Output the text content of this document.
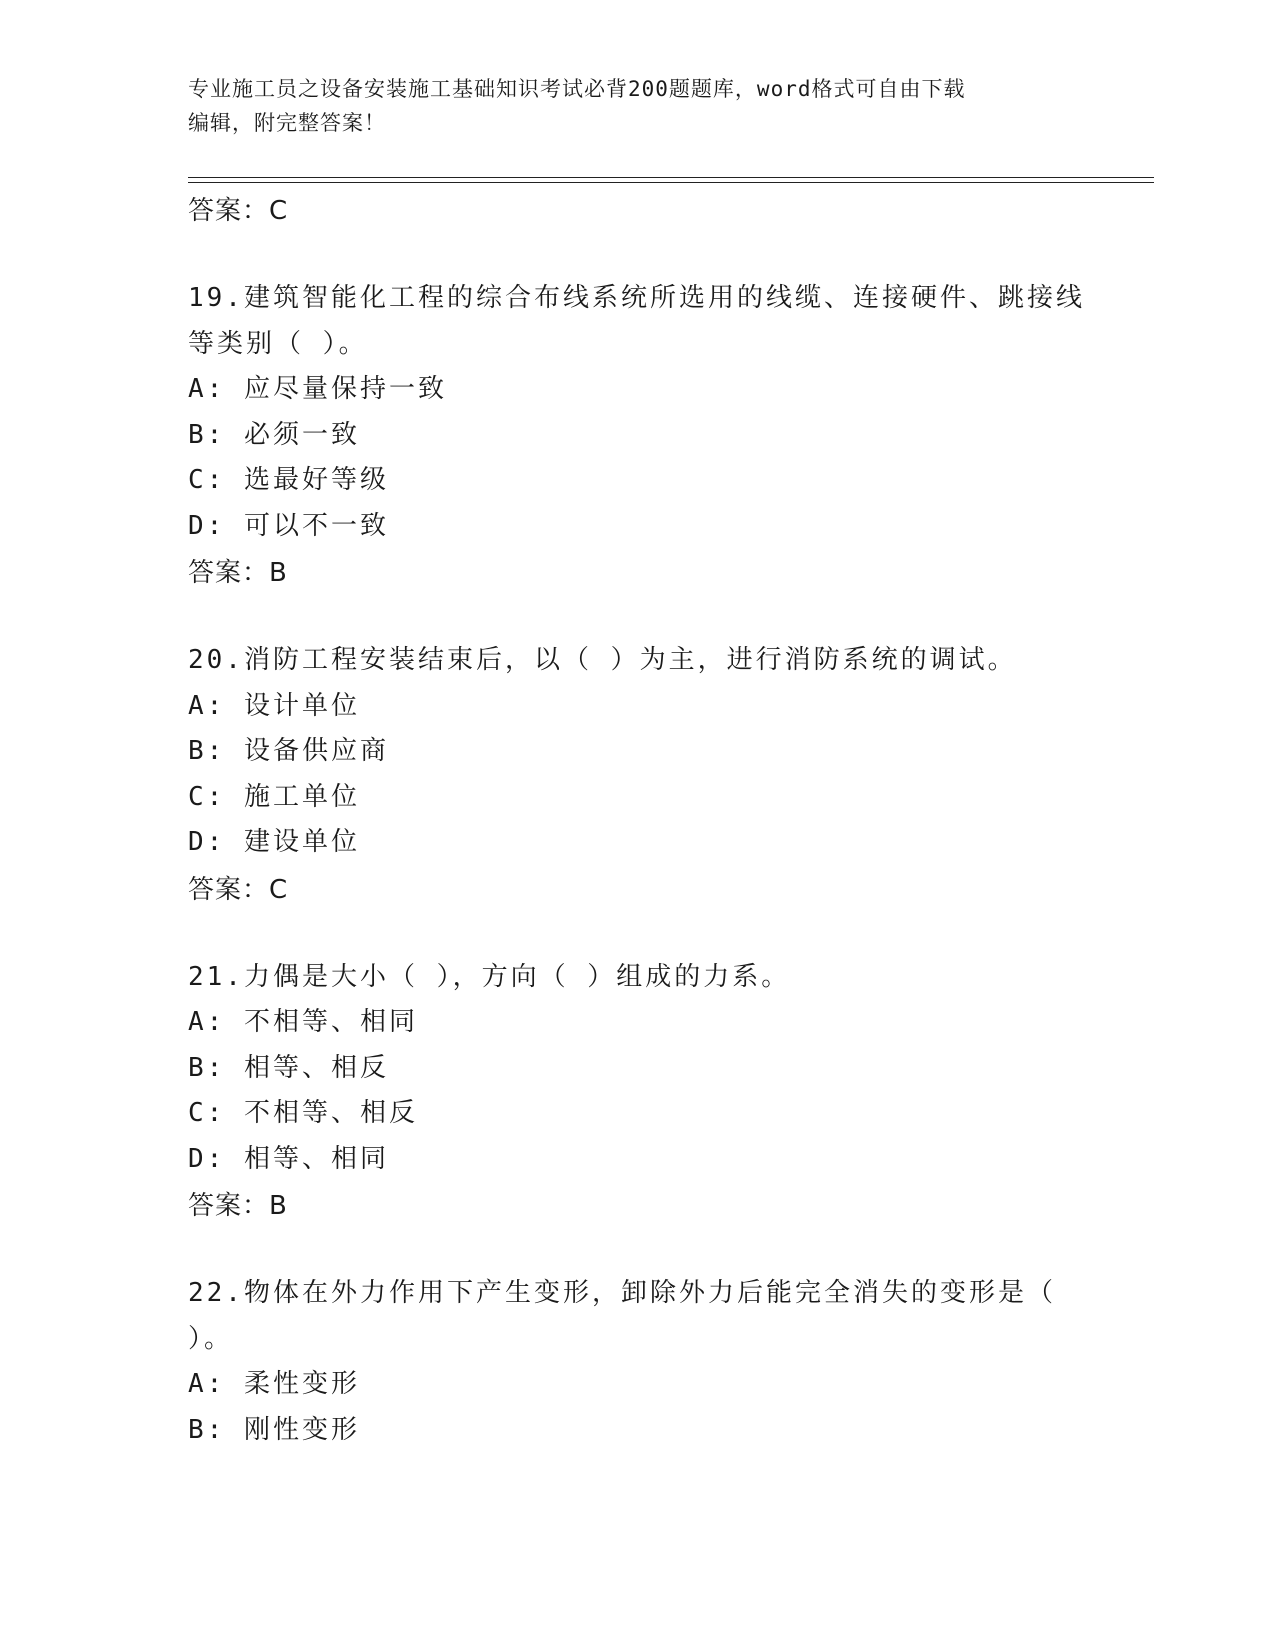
专业施工员之设备安装施工基础知识考试必背200题题库，word格式可自由下载
编辑，附完整答案！
答案：C
19.建筑智能化工程的综合布线系统所选用的线缆、连接硬件、跳接线
等类别（ ）。
A: 应尽量保持一致
B: 必须一致
C: 选最好等级
D: 可以不一致
答案：B
20.消防工程安装结束后，以（ ）为主，进行消防系统的调试。
A: 设计单位
B: 设备供应商
C: 施工单位
D: 建设单位
答案：C
21.力偶是大小（ ），方向（ ）组成的力系。
A: 不相等、相同
B: 相等、相反
C: 不相等、相反
D: 相等、相同
答案：B
22.物体在外力作用下产生变形，卸除外力后能完全消失的变形是（
）。
A: 柔性变形
B: 刚性变形
